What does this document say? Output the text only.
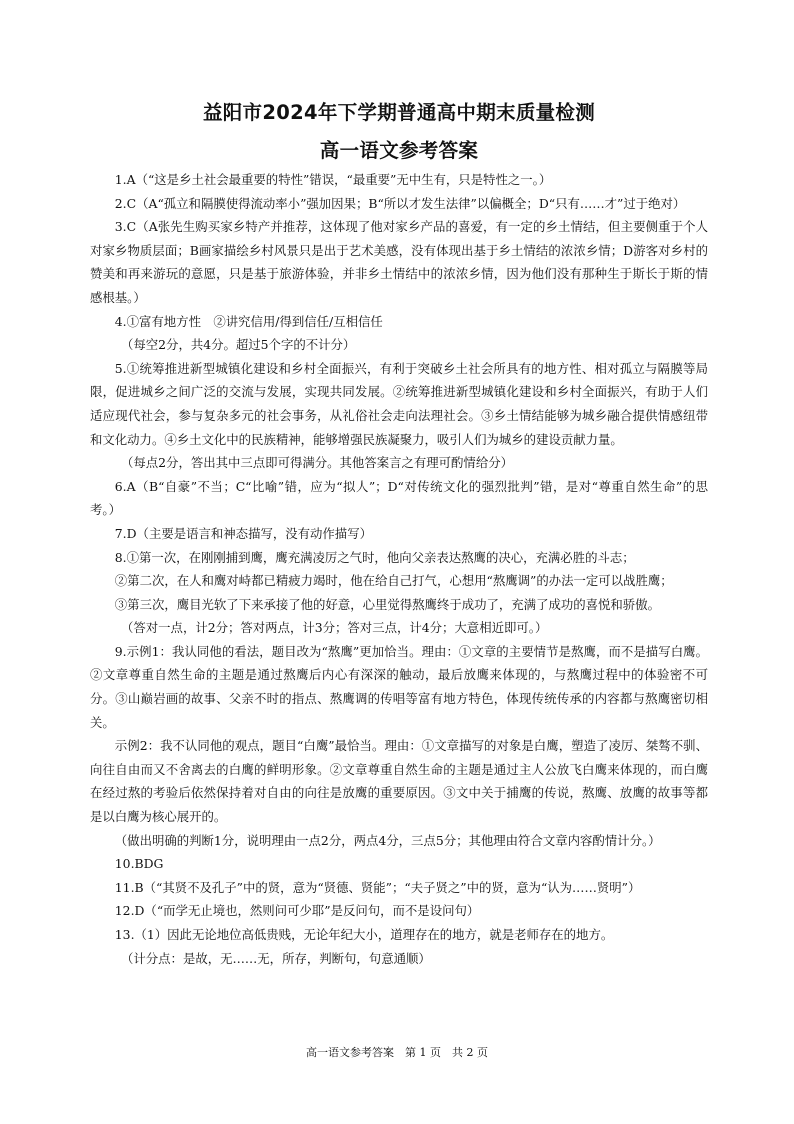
益阳市2024年下学期普通高中期末质量检测
高一语文参考答案

1.A（“这是乡土社会最重要的特性”错误，“最重要”无中生有，只是特性之一。）

2.C（A“孤立和隔膜使得流动率小”强加因果；B“所以才发生法律”以偏概全；D“只有……才”过于绝对）

3.C（A张先生购买家乡特产并推荐，这体现了他对家乡产品的喜爱，有一定的乡土情结，但主要侧重于个人对家乡物质层面；B画家描绘乡村风景只是出于艺术美感，没有体现出基于乡土情结的浓浓乡情；D游客对乡村的赞美和再来游玩的意愿，只是基于旅游体验，并非乡土情结中的浓浓乡情，因为他们没有那种生于斯长于斯的情感根基。）

4.①富有地方性　②讲究信用/得到信任/互相信任

（每空2分，共4分。超过5个字的不计分）

5.①统筹推进新型城镇化建设和乡村全面振兴，有利于突破乡土社会所具有的地方性、相对孤立与隔膜等局限，促进城乡之间广泛的交流与发展，实现共同发展。②统筹推进新型城镇化建设和乡村全面振兴，有助于人们适应现代社会，参与复杂多元的社会事务，从礼俗社会走向法理社会。③乡土情结能够为城乡融合提供情感纽带和文化动力。④乡土文化中的民族精神，能够增强民族凝聚力，吸引人们为城乡的建设贡献力量。

（每点2分，答出其中三点即可得满分。其他答案言之有理可酌情给分）

6.A（B“自豪”不当；C“比喻”错，应为“拟人”；D“对传统文化的强烈批判”错，是对“尊重自然生命”的思考。）

7.D（主要是语言和神态描写，没有动作描写）

8.①第一次，在刚刚捕到鹰，鹰充满凌厉之气时，他向父亲表达熬鹰的决心，充满必胜的斗志；

②第二次，在人和鹰对峙都已精疲力竭时，他在给自己打气，心想用“熬鹰调”的办法一定可以战胜鹰；

③第三次，鹰目光软了下来承接了他的好意，心里觉得熬鹰终于成功了，充满了成功的喜悦和骄傲。

（答对一点，计2分；答对两点，计3分；答对三点，计4分；大意相近即可。）

9.示例1：我认同他的看法，题目改为“熬鹰”更加恰当。理由：①文章的主要情节是熬鹰，而不是描写白鹰。②文章尊重自然生命的主题是通过熬鹰后内心有深深的触动，最后放鹰来体现的，与熬鹰过程中的体验密不可分。③山巅岩画的故事、父亲不时的指点、熬鹰调的传唱等富有地方特色，体现传统传承的内容都与熬鹰密切相关。

示例2：我不认同他的观点，题目“白鹰”最恰当。理由：①文章描写的对象是白鹰，塑造了凌厉、桀骜不驯、向往自由而又不舍离去的白鹰的鲜明形象。②文章尊重自然生命的主题是通过主人公放飞白鹰来体现的，而白鹰在经过熬的考验后依然保持着对自由的向往是放鹰的重要原因。③文中关于捕鹰的传说，熬鹰、放鹰的故事等都是以白鹰为核心展开的。

（做出明确的判断1分，说明理由一点2分，两点4分，三点5分；其他理由符合文章内容酌情计分。）

10.BDG

11.B（“其贤不及孔子”中的贤，意为“贤德、贤能”；“夫子贤之”中的贤，意为“认为……贤明”）

12.D（“而学无止境也，然则问可少耶”是反问句，而不是设问句）

13.（1）因此无论地位高低贵贱，无论年纪大小，道理存在的地方，就是老师存在的地方。

（计分点：是故，无……无，所存，判断句，句意通顺）

高一语文参考答案　第 1 页　共 2 页
